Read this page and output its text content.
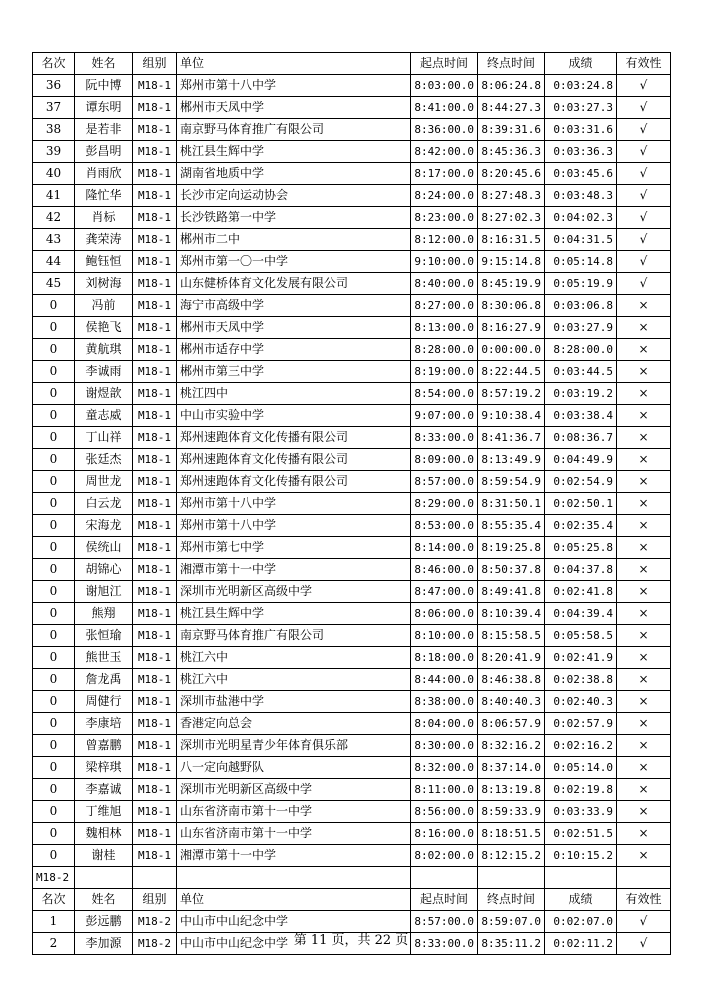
名次	姓名	组别	单位	起点时间	终点时间	成绩	有效性
36	阮中博	M18-1	郑州市第十八中学	8:03:00.0	8:06:24.8	0:03:24.8	√
37	谭东明	M18-1	郴州市天凤中学	8:41:00.0	8:44:27.3	0:03:27.3	√
38	是若非	M18-1	南京野马体育推广有限公司	8:36:00.0	8:39:31.6	0:03:31.6	√
39	彭昌明	M18-1	桃江县生辉中学	8:42:00.0	8:45:36.3	0:03:36.3	√
40	肖雨欣	M18-1	湖南省地质中学	8:17:00.0	8:20:45.6	0:03:45.6	√
41	隆忙华	M18-1	长沙市定向运动协会	8:24:00.0	8:27:48.3	0:03:48.3	√
42	肖标	M18-1	长沙铁路第一中学	8:23:00.0	8:27:02.3	0:04:02.3	√
43	龚荣涛	M18-1	郴州市二中	8:12:00.0	8:16:31.5	0:04:31.5	√
44	鲍钰恒	M18-1	郑州市第一〇一中学	9:10:00.0	9:15:14.8	0:05:14.8	√
45	刘树海	M18-1	山东健桥体育文化发展有限公司	8:40:00.0	8:45:19.9	0:05:19.9	√
0	冯前	M18-1	海宁市高级中学	8:27:00.0	8:30:06.8	0:03:06.8	×
0	侯艳飞	M18-1	郴州市天凤中学	8:13:00.0	8:16:27.9	0:03:27.9	×
0	黄航琪	M18-1	郴州市适存中学	8:28:00.0	0:00:00.0	8:28:00.0	×
0	李诚雨	M18-1	郴州市第三中学	8:19:00.0	8:22:44.5	0:03:44.5	×
0	谢煜歆	M18-1	桃江四中	8:54:00.0	8:57:19.2	0:03:19.2	×
0	童志威	M18-1	中山市实验中学	9:07:00.0	9:10:38.4	0:03:38.4	×
0	丁山祥	M18-1	郑州速跑体育文化传播有限公司	8:33:00.0	8:41:36.7	0:08:36.7	×
0	张廷杰	M18-1	郑州速跑体育文化传播有限公司	8:09:00.0	8:13:49.9	0:04:49.9	×
0	周世龙	M18-1	郑州速跑体育文化传播有限公司	8:57:00.0	8:59:54.9	0:02:54.9	×
0	白云龙	M18-1	郑州市第十八中学	8:29:00.0	8:31:50.1	0:02:50.1	×
0	宋海龙	M18-1	郑州市第十八中学	8:53:00.0	8:55:35.4	0:02:35.4	×
0	侯统山	M18-1	郑州市第七中学	8:14:00.0	8:19:25.8	0:05:25.8	×
0	胡锦心	M18-1	湘潭市第十一中学	8:46:00.0	8:50:37.8	0:04:37.8	×
0	谢旭江	M18-1	深圳市光明新区高级中学	8:47:00.0	8:49:41.8	0:02:41.8	×
0	熊翔	M18-1	桃江县生辉中学	8:06:00.0	8:10:39.4	0:04:39.4	×
0	张恒瑜	M18-1	南京野马体育推广有限公司	8:10:00.0	8:15:58.5	0:05:58.5	×
0	熊世玉	M18-1	桃江六中	8:18:00.0	8:20:41.9	0:02:41.9	×
0	詹龙禹	M18-1	桃江六中	8:44:00.0	8:46:38.8	0:02:38.8	×
0	周健行	M18-1	深圳市盐港中学	8:38:00.0	8:40:40.3	0:02:40.3	×
0	李康培	M18-1	香港定向总会	8:04:00.0	8:06:57.9	0:02:57.9	×
0	曾嘉鹏	M18-1	深圳市光明星青少年体育俱乐部	8:30:00.0	8:32:16.2	0:02:16.2	×
0	梁梓琪	M18-1	八一定向越野队	8:32:00.0	8:37:14.0	0:05:14.0	×
0	李嘉诚	M18-1	深圳市光明新区高级中学	8:11:00.0	8:13:19.8	0:02:19.8	×
0	丁维旭	M18-1	山东省济南市第十一中学	8:56:00.0	8:59:33.9	0:03:33.9	×
0	魏相林	M18-1	山东省济南市第十一中学	8:16:00.0	8:18:51.5	0:02:51.5	×
0	谢桂	M18-1	湘潭市第十一中学	8:02:00.0	8:12:15.2	0:10:15.2	×
M18-2							
名次	姓名	组别	单位	起点时间	终点时间	成绩	有效性
1	彭远鹏	M18-2	中山市中山纪念中学	8:57:00.0	8:59:07.0	0:02:07.0	√
2	李加源	M18-2	中山市中山纪念中学	8:33:00.0	8:35:11.2	0:02:11.2	√
第 11 页，共 22 页
